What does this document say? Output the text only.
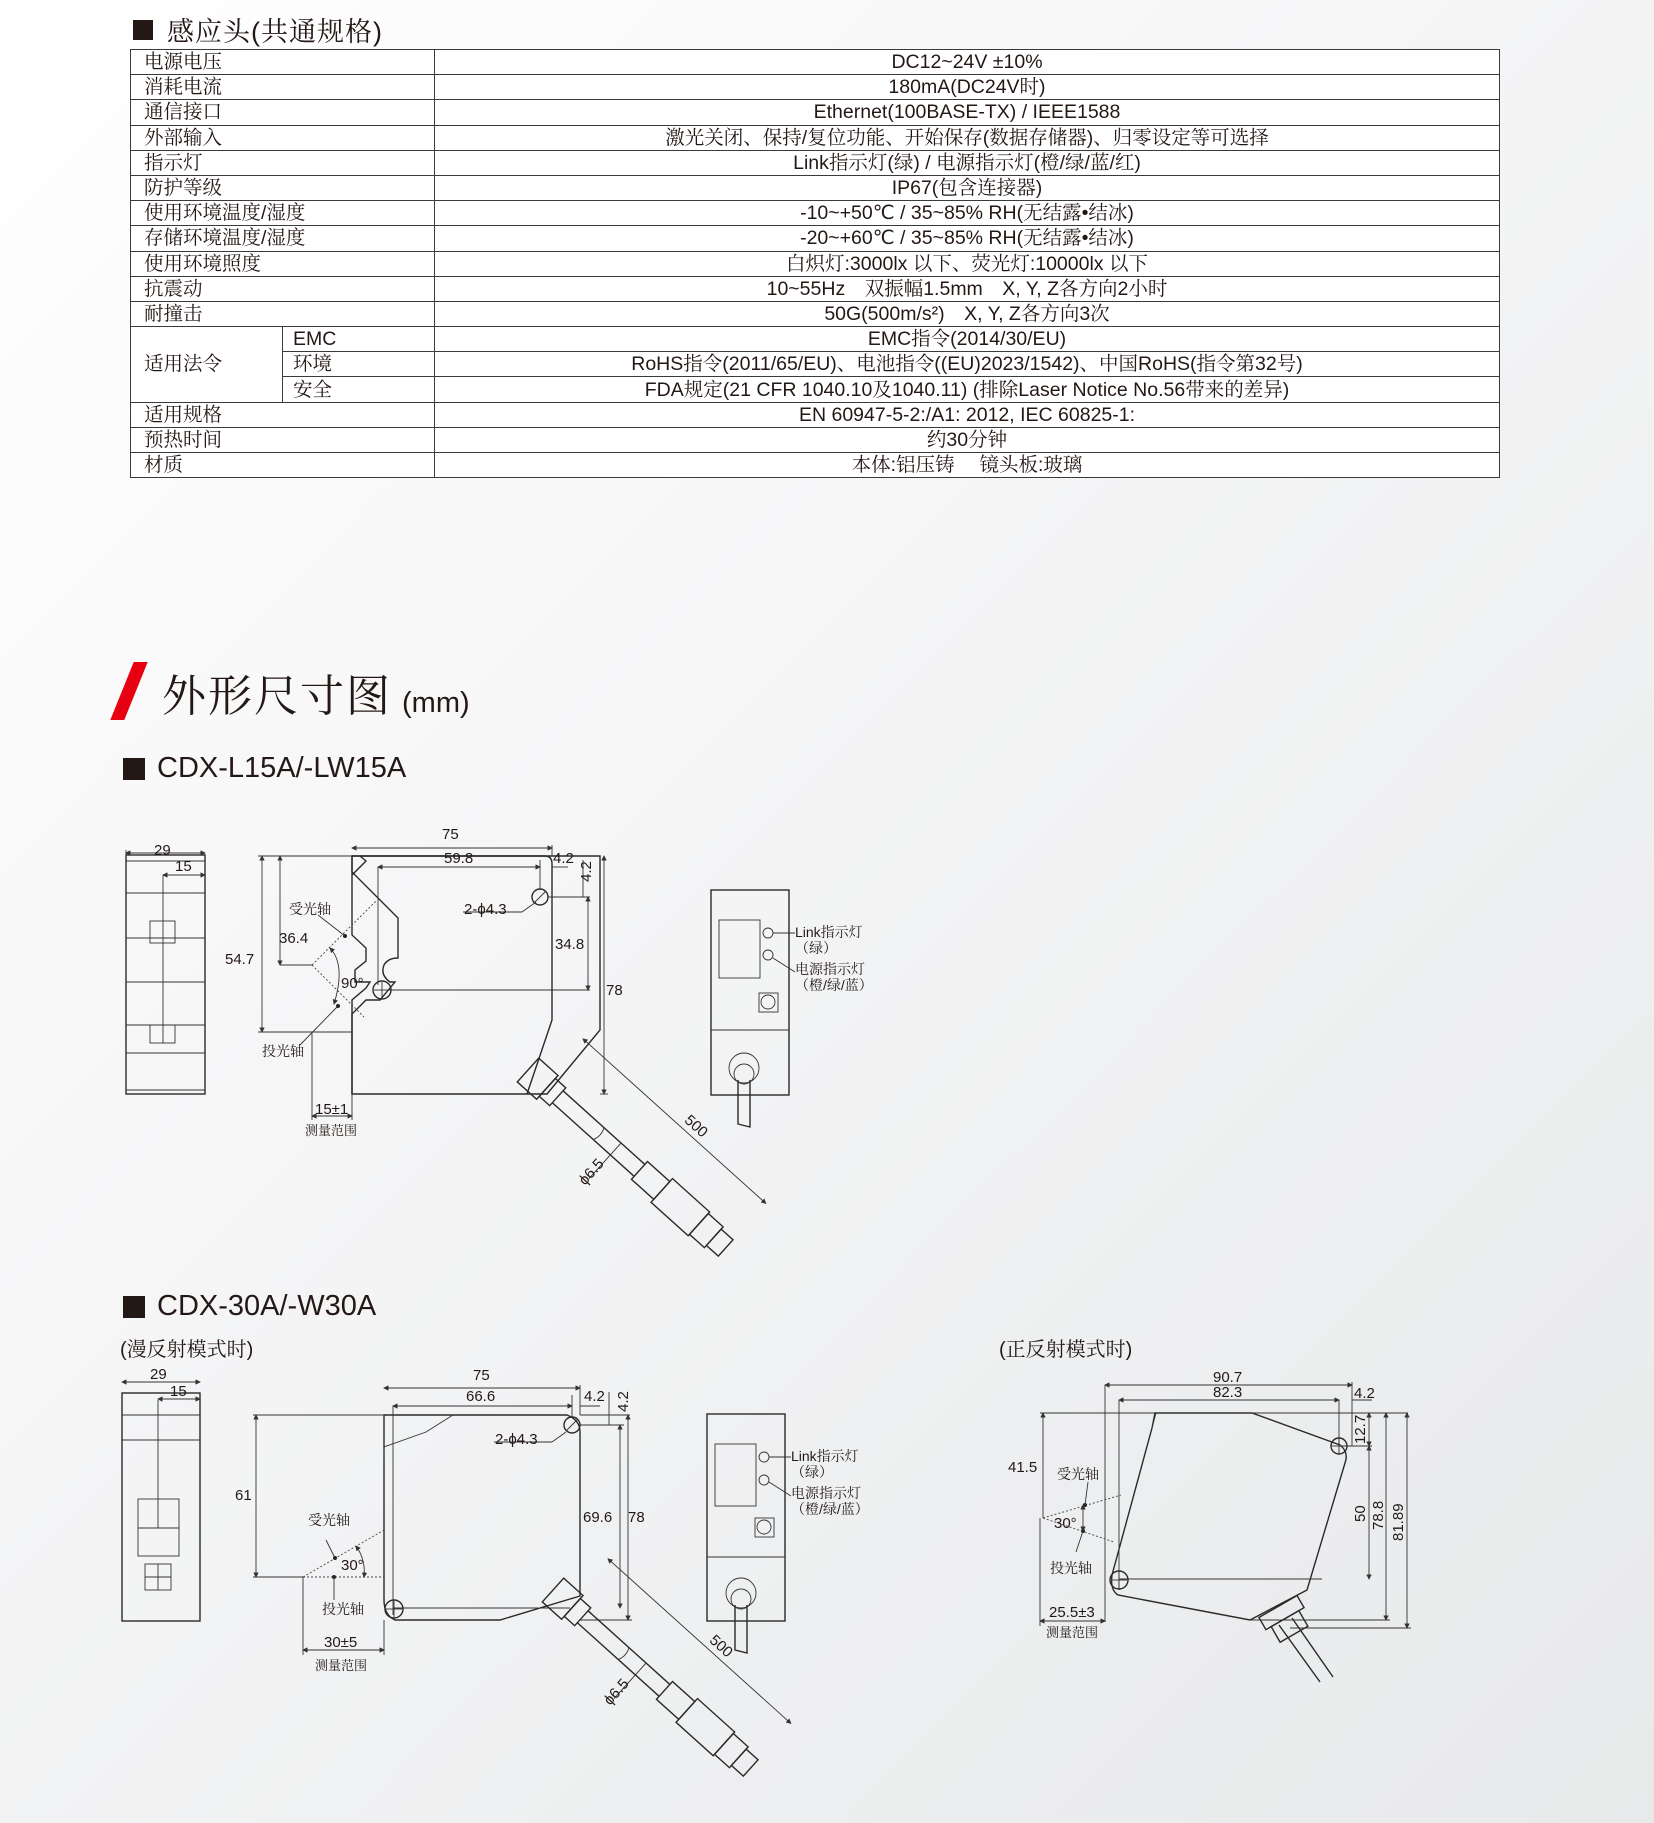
感应头(共通规格)
电源电压		DC12~24V ±10%
消耗电流		180mA(DC24V时)
通信接口		Ethernet(100BASE-TX) / IEEE1588
外部输入		激光关闭、保持/复位功能、开始保存(数据存储器)、归零设定等可选择
指示灯		Link指示灯(绿) / 电源指示灯(橙/绿/蓝/红)
防护等级		IP67(包含连接器)
使用环境温度/湿度		-10~+50℃ / 35~85% RH(无结露•结冰)
存储环境温度/湿度		-20~+60℃ / 35~85% RH(无结露•结冰)
使用环境照度		白炽灯:3000lx 以下、荧光灯:10000lx 以下
抗震动		10~55Hz　双振幅1.5mm　X, Y, Z各方向2小时
耐撞击		50G(500m/s²)　X, Y, Z各方向3次
适用法令	EMC	EMC指令(2014/30/EU)
	环境	RoHS指令(2011/65/EU)、电池指令((EU)2023/1542)、中国RoHS(指令第32号)
	安全	FDA规定(21 CFR 1040.10及1040.11) (排除Laser Notice No.56带来的差异)
适用规格		EN 60947-5-2:/A1: 2012, IEC 60825-1:
预热时间		约30分钟
材质		本体:铝压铸　 镜头板:玻璃
外形尺寸图 (mm)
CDX-L15A/-LW15A
CDX-30A/-W30A
(漫反射模式时)	(正反射模式时)
29
15
500
ϕ6.5
75
59.8	4.2
4.2
2-ϕ4.3
54.7
36.4
90°
34.8
78
15±1
测量范围
受光轴
投光轴
Link指示灯
（绿）
电源指示灯
（橙/绿/蓝）
29
15
500
ϕ6.5
75
66.6	4.2 4.2
2-ϕ4.3
61
30°
69.6 78
30±5
测量范围
受光轴
投光轴
Link指示灯
（绿）
电源指示灯
（橙/绿/蓝）
90.7
82.3	4.2
12.7
41.5
30°
50 78.8 81.89
25.5±3
测量范围
受光轴
投光轴
